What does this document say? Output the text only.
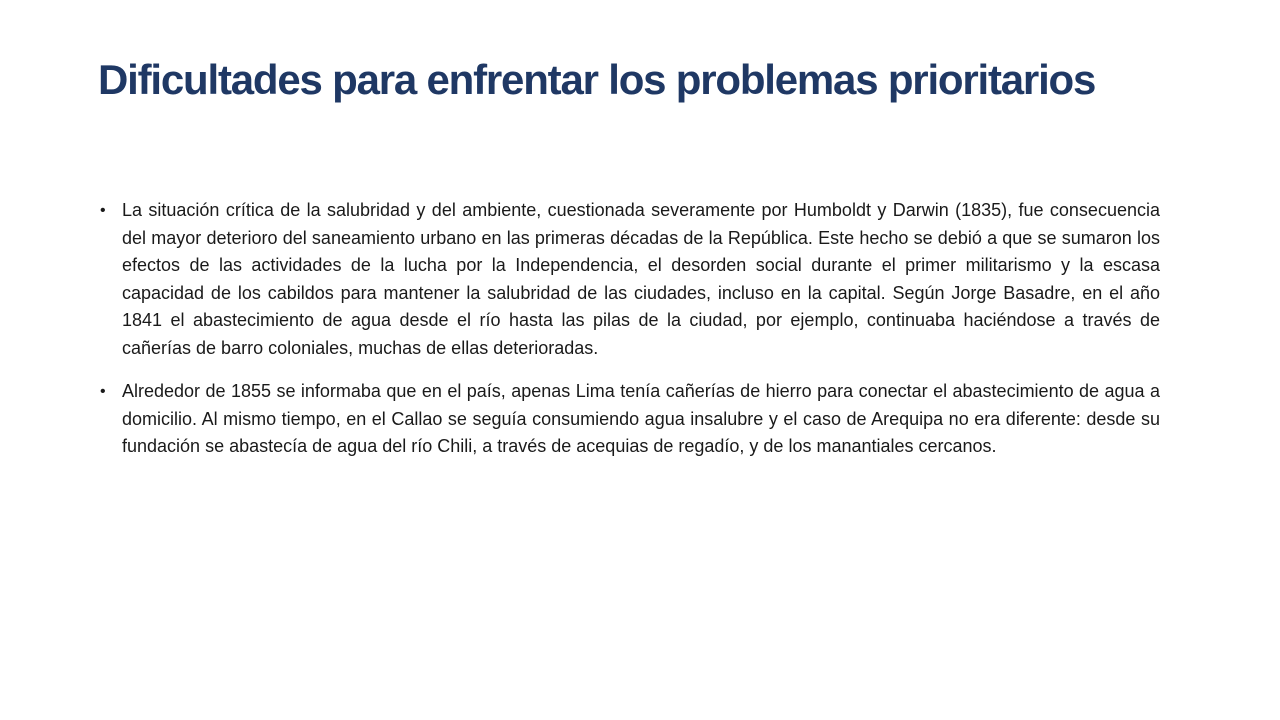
Dificultades para enfrentar los problemas prioritarios
• La situación crítica de la salubridad y del ambiente, cuestionada severamente por Humboldt y Darwin (1835), fue consecuencia del mayor deterioro del saneamiento urbano en las primeras décadas de la República. Este hecho se debió a que se sumaron los efectos de las actividades de la lucha por la Independencia, el desorden social durante el primer militarismo y la escasa capacidad de los cabildos para mantener la salubridad de las ciudades, incluso en la capital. Según Jorge Basadre, en el año 1841 el abastecimiento de agua desde el río hasta las pilas de la ciudad, por ejemplo, continuaba haciéndose a través de cañerías de barro coloniales, muchas de ellas deterioradas.
• Alrededor de 1855 se informaba que en el país, apenas Lima tenía cañerías de hierro para conectar el abastecimiento de agua a domicilio. Al mismo tiempo, en el Callao se seguía consumiendo agua insalubre y el caso de Arequipa no era diferente: desde su fundación se abastecía de agua del río Chili, a través de acequias de regadío, y de los manantiales cercanos.
